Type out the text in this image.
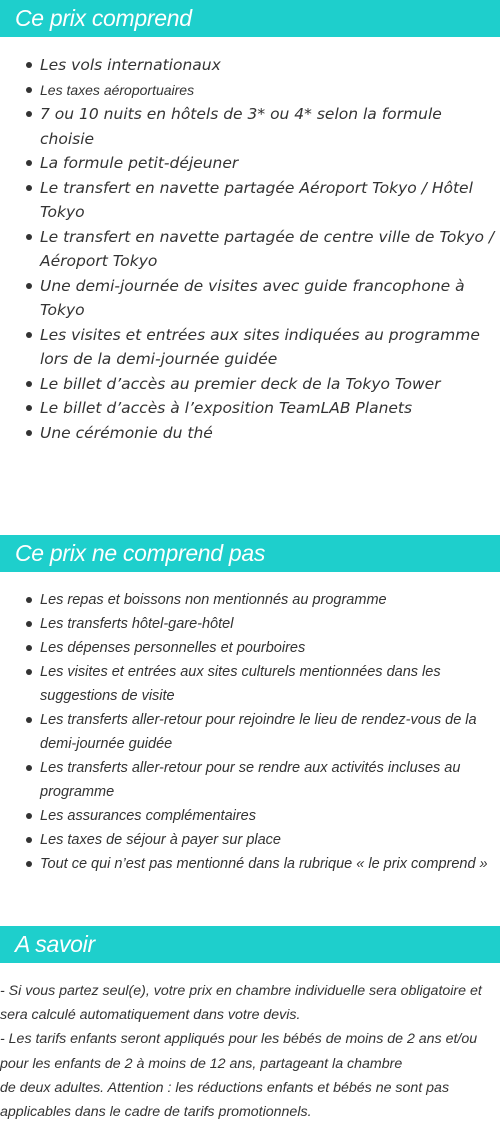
Ce prix comprend
Les vols internationaux
Les taxes aéroportuaires
7 ou 10 nuits en hôtels de 3* ou 4* selon la formule choisie
La formule petit-déjeuner
Le transfert en navette partagée Aéroport Tokyo / Hôtel Tokyo
Le transfert en navette partagée de centre ville de Tokyo / Aéroport Tokyo
Une demi-journée de visites avec guide francophone à Tokyo
Les visites et entrées aux sites indiquées au programme lors de la demi-journée guidée
Le billet d’accès au premier deck de la Tokyo Tower
Le billet d’accès à l’exposition TeamLAB Planets
Une cérémonie du thé
Ce prix ne comprend pas
Les repas et boissons non mentionnés au programme
Les transferts hôtel-gare-hôtel
Les dépenses personnelles et pourboires
Les visites et entrées aux sites culturels mentionnées dans les suggestions de visite
Les transferts aller-retour pour rejoindre le lieu de rendez-vous de la demi-journée guidée
Les transferts aller-retour pour se rendre aux activités incluses au programme
Les assurances complémentaires
Les taxes de séjour à payer sur place
Tout ce qui n’est pas mentionné dans la rubrique « le prix comprend »
A savoir

- Si vous partez seul(e), votre prix en chambre individuelle sera obligatoire et sera calculé automatiquement dans votre devis.
- Les tarifs enfants seront appliqués pour les bébés de moins de 2 ans et/ou pour les enfants de 2 à moins de 12 ans, partageant la chambre
de deux adultes. Attention : les réductions enfants et bébés ne sont pas applicables dans le cadre de tarifs promotionnels.
